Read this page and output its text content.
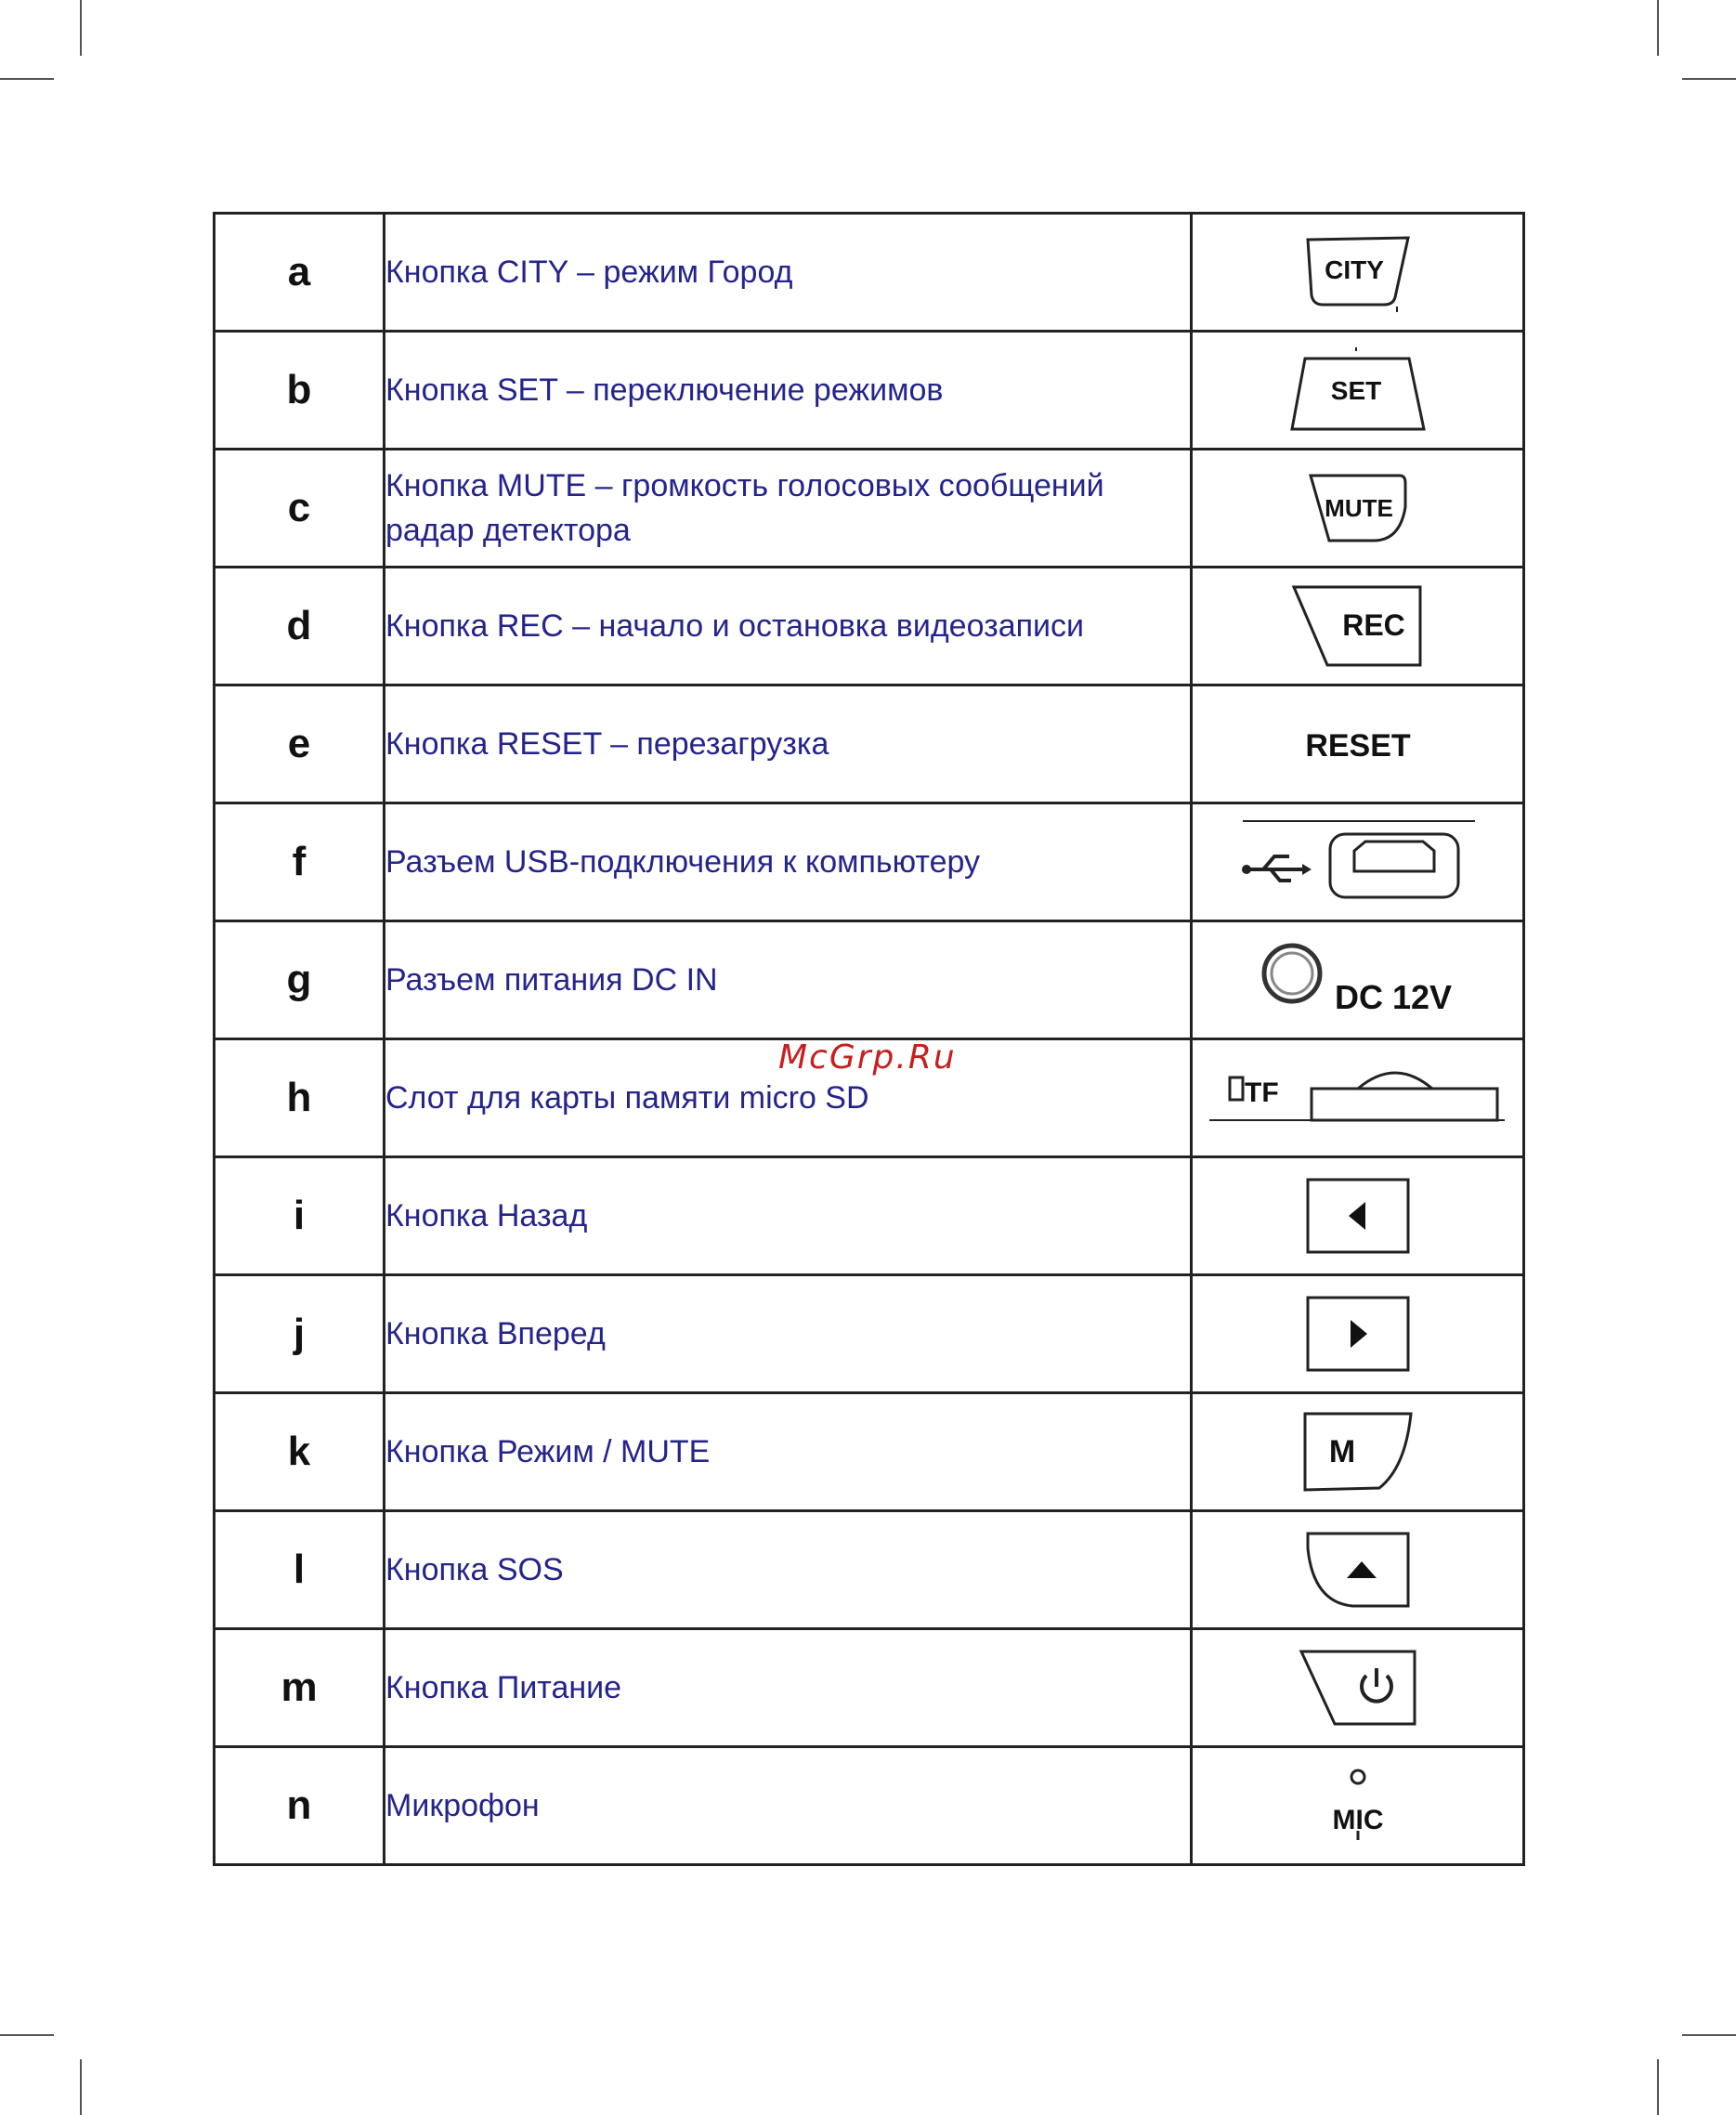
a	Кнопка CITY – режим Город	CITY

b	Кнопка SET – переключение режимов	SET

c	Кнопка MUTE – громкость голосовых сообщений радар детектора	MUTE

d	Кнопка REC – начало и остановка видеозаписи	REC

e	Кнопка RESET – перезагрузка	RESET

f	Разъем USB-подключения к компьютеру	

g	Разъем питания DC IN	DC 12V

h	Слот для карты памяти micro SD	TF

i	Кнопка Назад	

j	Кнопка Вперед	

k	Кнопка Режим / MUTE	M

l	Кнопка SOS	

m	Кнопка Питание	

n	Микрофон	MIC
McGrp.Ru
